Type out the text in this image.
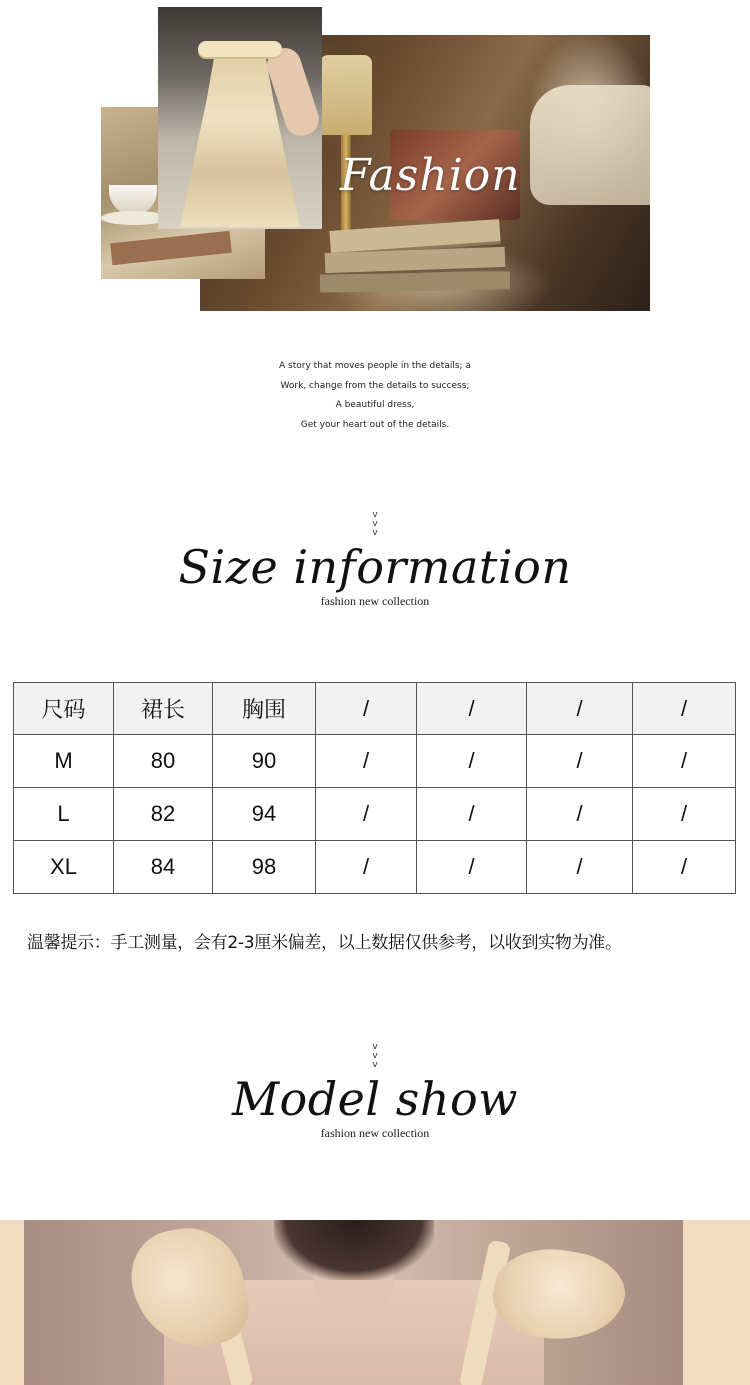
Fashion
A story that moves people in the details; a
Work, change from the details to success;
A beautiful dress,
Get your heart out of the details.
v
v
v
Size information
fashion new collection
尺码	裙长	胸围	/	/	/	/
M	80	90	/	/	/	/
L	82	94	/	/	/	/
XL	84	98	/	/	/	/
温馨提示：手工测量，会有2-3厘米偏差，以上数据仅供参考，以收到实物为准。
v
v
v
Model show
fashion new collection
